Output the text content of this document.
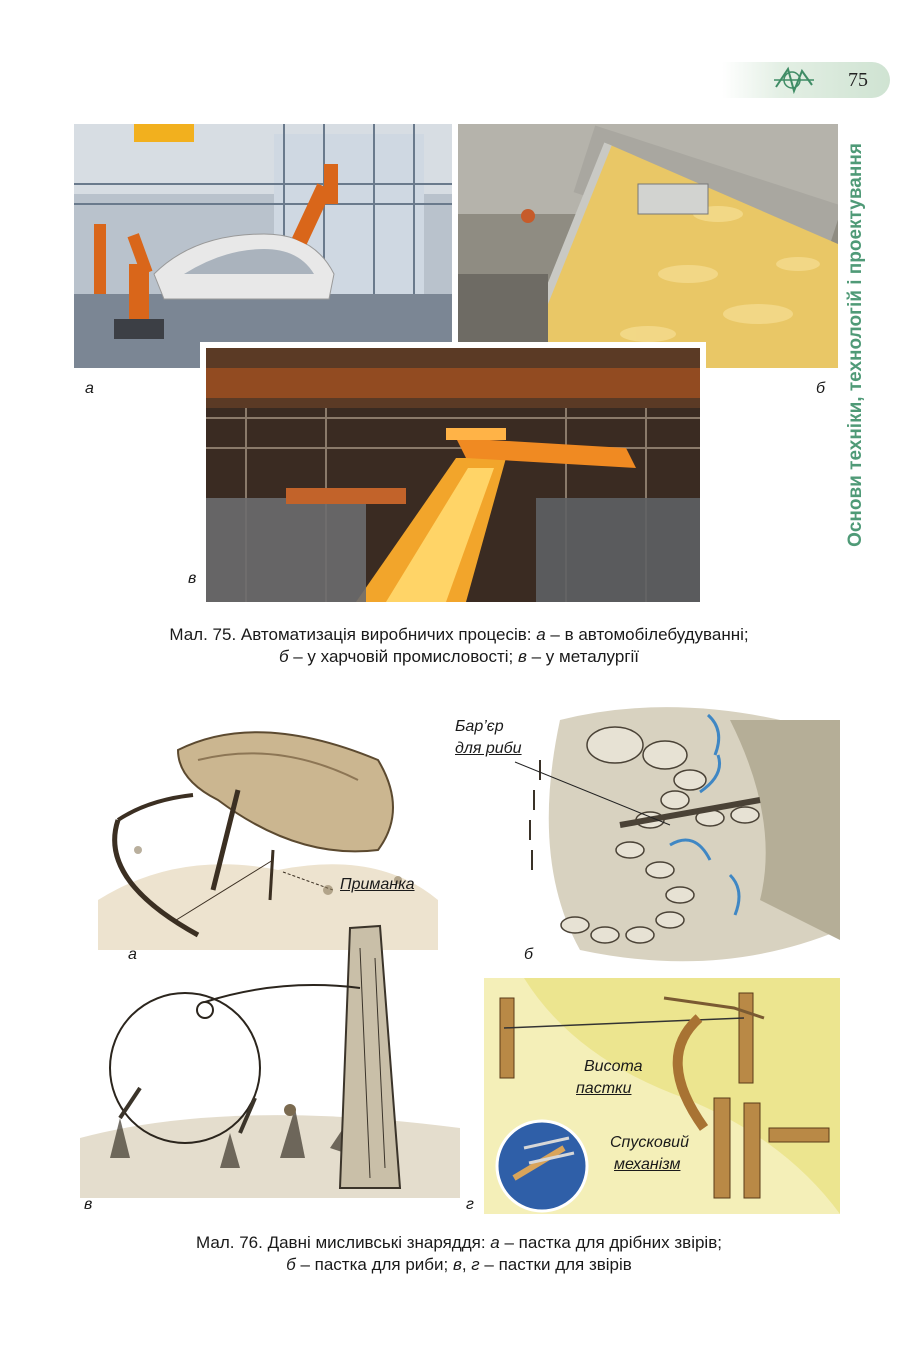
75
Основи техніки, технологій і проектування
а	б
в
Мал. 75. Автоматизація виробничих процесів: а – в автомобілебудуванні;
б – у харчовій промисловості; в – у металургії
Приманка
а
Бар’єр
для риби
б
в
Висота
пастки
Спусковий
механізм
г
Мал. 76. Давні мисливські знаряддя: а – пастка для дрібних звірів;
б – пастка для риби; в, г – пастки для звірів
